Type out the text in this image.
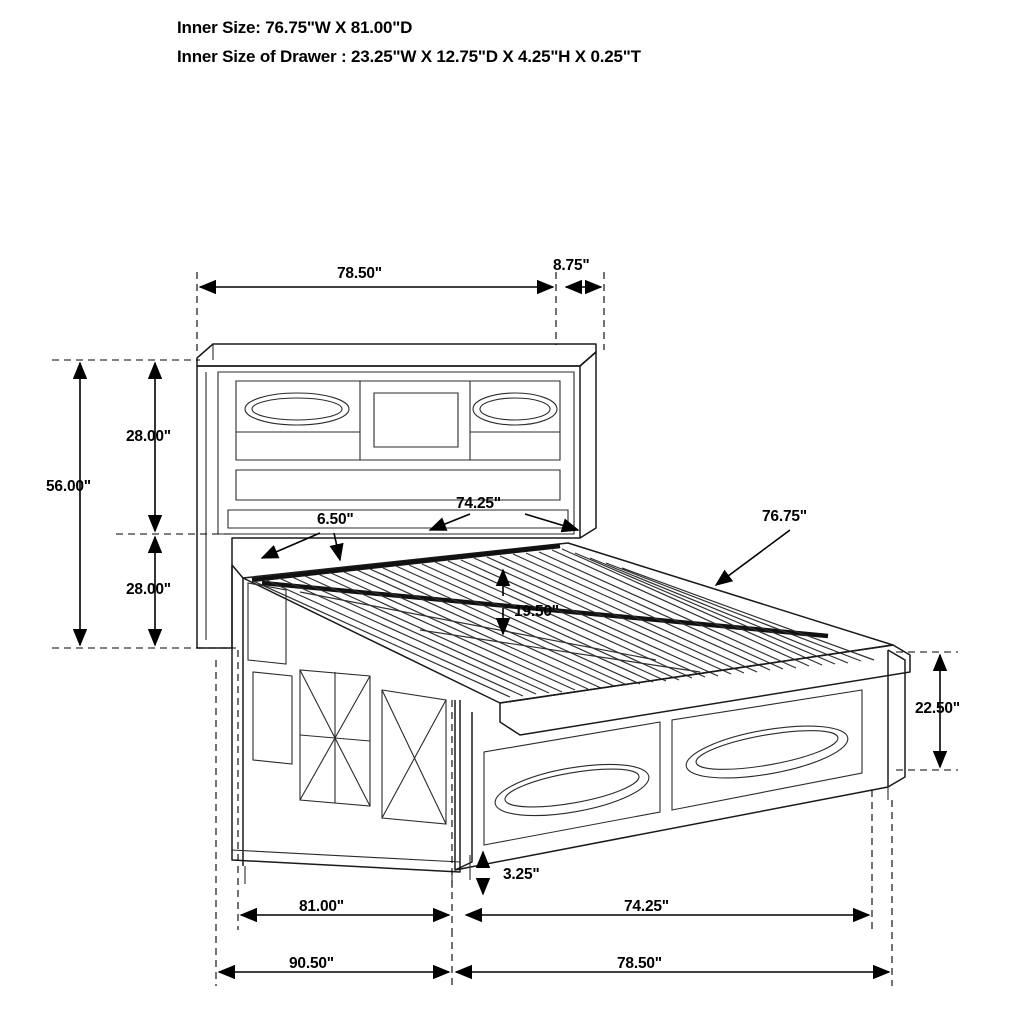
Inner Size: 76.75"W X 81.00"D
Inner Size of Drawer : 23.25"W X 12.75"D X 4.25"H X 0.25"T
78.50"	8.75"
28.00"
56.00"
28.00"
6.50"
74.25"
76.75"
19.50"
22.50"
3.25"
81.00"	74.25"
90.50"	78.50"
